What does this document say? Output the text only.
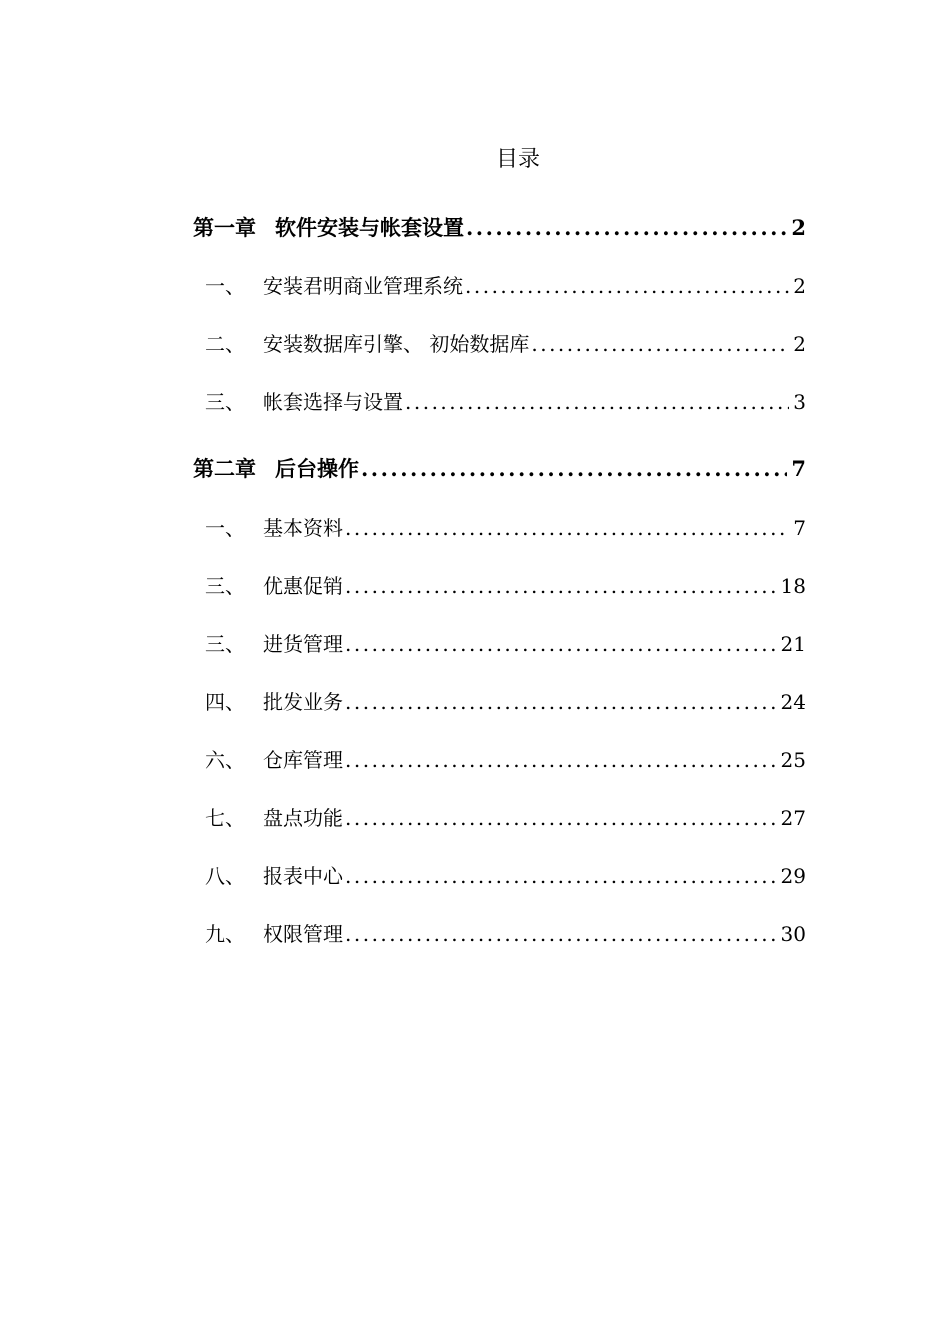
目录
第一章 软件安装与帐套设置 .....	2
一、 安装君明商业管理系统 .....	2
二、 安装数据库引擎、 初始数据库 .....	2
三、 帐套选择与设置 .....	3
第二章 后台操作 .....	7
一、 基本资料 .....	7
三、 优惠促销 .....	18
三、 进货管理 .....	21
四、 批发业务 .....	24
六、 仓库管理 .....	25
七、 盘点功能 .....	27
八、 报表中心 .....	29
九、 权限管理 .....	30
